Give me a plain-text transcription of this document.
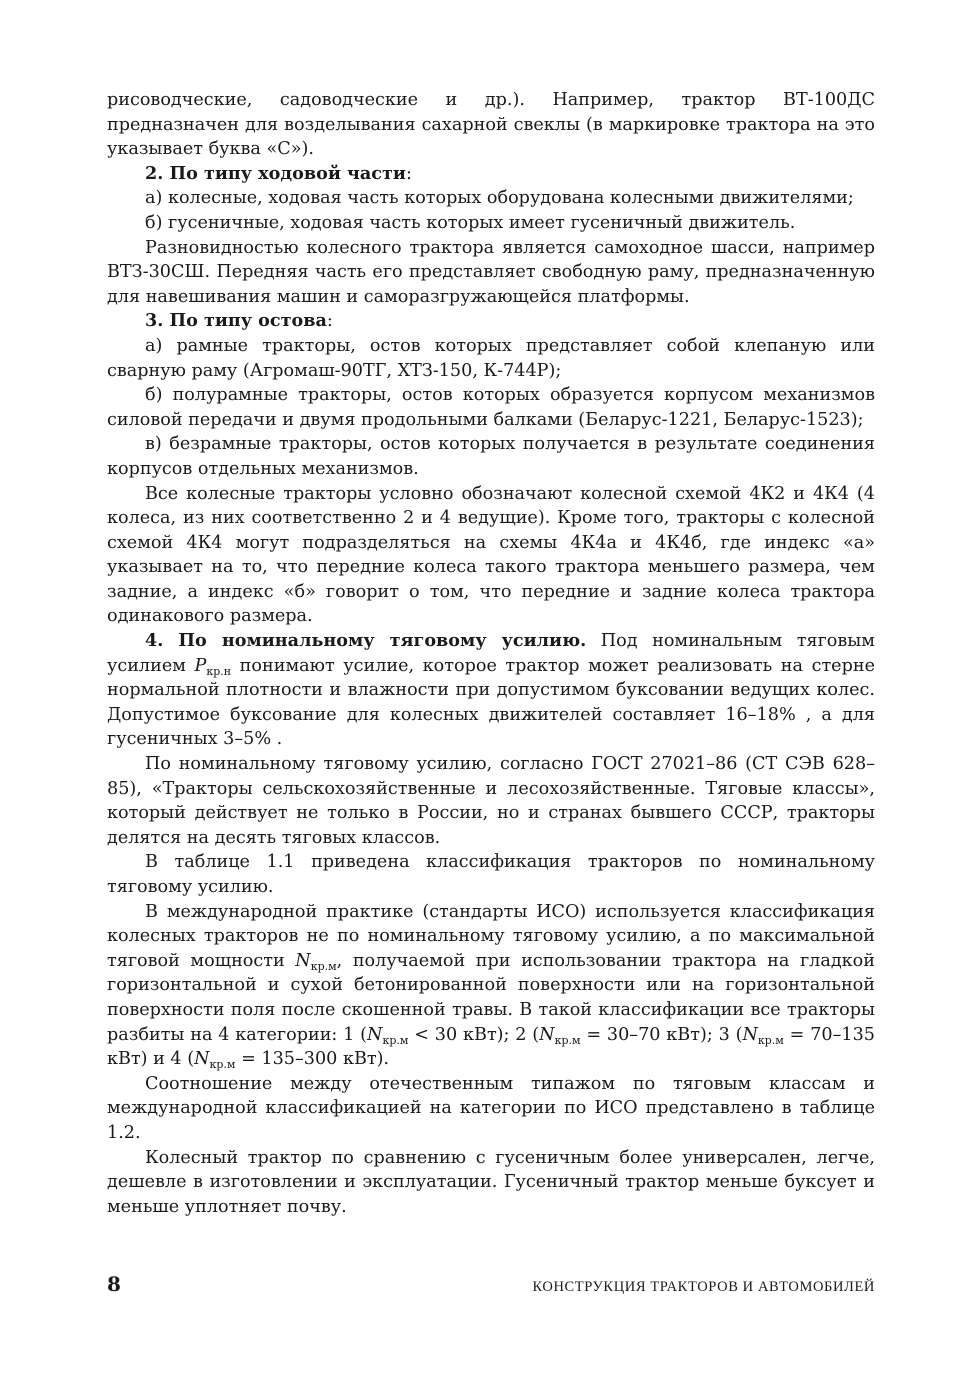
рисоводческие, садоводческие и др.). Например, трактор ВТ-100ДС предназначен для возделывания сахарной свеклы (в маркировке трактора на это указывает буква «С»).

2. По типу ходовой части:

а) колесные, ходовая часть которых оборудована колесными движителями;

б) гусеничные, ходовая часть которых имеет гусеничный движитель.

Разновидностью колесного трактора является самоходное шасси, например ВТЗ-30СШ. Передняя часть его представляет свободную раму, предназначенную для навешивания машин и саморазгружающейся платформы.

3. По типу остова:

а) рамные тракторы, остов которых представляет собой клепаную или сварную раму (Агромаш-90ТГ, ХТЗ-150, К-744Р);

б) полурамные тракторы, остов которых образуется корпусом механизмов силовой передачи и двумя продольными балками (Беларус-1221, Беларус-1523);

в) безрамные тракторы, остов которых получается в результате соединения корпусов отдельных механизмов.

Все колесные тракторы условно обозначают колесной схемой 4К2 и 4К4 (4 колеса, из них соответственно 2 и 4 ведущие). Кроме того, тракторы с колесной схемой 4К4 могут подразделяться на схемы 4К4а и 4К4б, где индекс «а» указывает на то, что передние колеса такого трактора меньшего размера, чем задние, а индекс «б» говорит о том, что передние и задние колеса трактора одинакового размера.

4. По номинальному тяговому усилию. Под номинальным тяговым усилием $P_{кр.н}$ понимают усилие, которое трактор может реализовать на стерне нормальной плотности и влажности при допустимом буксовании ведущих колес. Допустимое буксование для колесных движителей составляет 16–18% , а для гусеничных 3–5% .

По номинальному тяговому усилию, согласно ГОСТ 27021–86 (СТ СЭВ 628–85), «Тракторы сельскохозяйственные и лесохозяйственные. Тяговые классы», который действует не только в России, но и странах бывшего СССР, тракторы делятся на десять тяговых классов.

В таблице 1.1 приведена классификация тракторов по номинальному тяговому усилию.

В международной практике (стандарты ИСО) используется классификация колесных тракторов не по номинальному тяговому усилию, а по максимальной тяговой мощности $N_{кр.м}$, получаемой при использовании трактора на гладкой горизонтальной и сухой бетонированной поверхности или на горизонтальной поверхности поля после скошенной травы. В такой классификации все тракторы разбиты на 4 категории: 1 ($N_{кр.м} < 30$ кВт); 2 ($N_{кр.м} = 30-70$ кВт); 3 ($N_{кр.м} = 70-135$ кВт) и 4 ($N_{кр.м} = 135-300$ кВт).

Соотношение между отечественным типажом по тяговым классам и международной классификацией на категории по ИСО представлено в таблице 1.2.

Колесный трактор по сравнению с гусеничным более универсален, легче, дешевле в изготовлении и эксплуатации. Гусеничный трактор меньше буксует и меньше уплотняет почву.

8	КОНСТРУКЦИЯ ТРАКТОРОВ И АВТОМОБИЛЕЙ
